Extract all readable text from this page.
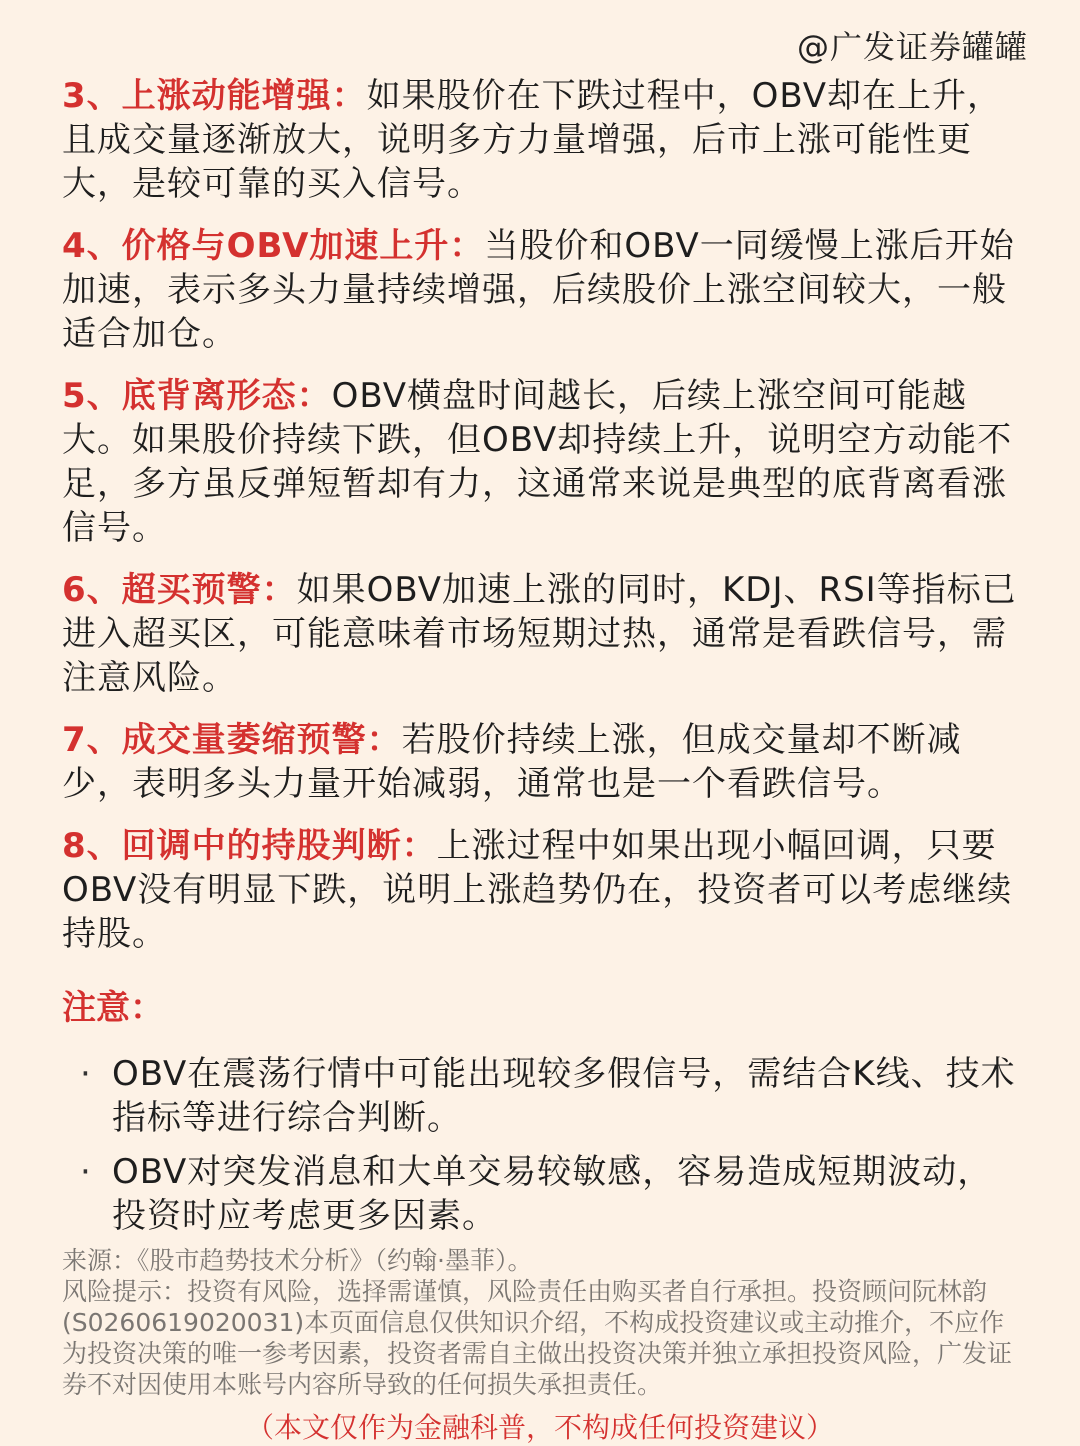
@广发证券罐罐
3、上涨动能增强：如果股价在下跌过程中，OBV却在上升，且成交量逐渐放大，说明多方力量增强，后市上涨可能性更大，是较可靠的买入信号。
4、价格与OBV加速上升：当股价和OBV一同缓慢上涨后开始加速，表示多头力量持续增强，后续股价上涨空间较大，一般适合加仓。
5、底背离形态：OBV横盘时间越长，后续上涨空间可能越大。如果股价持续下跌，但OBV却持续上升，说明空方动能不足，多方虽反弹短暂却有力，这通常来说是典型的底背离看涨信号。
6、超买预警：如果OBV加速上涨的同时，KDJ、RSI等指标已进入超买区，可能意味着市场短期过热，通常是看跌信号，需注意风险。
7、成交量萎缩预警：若股价持续上涨，但成交量却不断减少，表明多头力量开始减弱，通常也是一个看跌信号。
8、回调中的持股判断：上涨过程中如果出现小幅回调，只要OBV没有明显下跌，说明上涨趋势仍在，投资者可以考虑继续持股。
注意：
· OBV在震荡行情中可能出现较多假信号，需结合K线、技术指标等进行综合判断。
· OBV对突发消息和大单交易较敏感，容易造成短期波动，投资时应考虑更多因素。
来源：《股市趋势技术分析》（约翰·墨菲）。
风险提示：投资有风险，选择需谨慎，风险责任由购买者自行承担。投资顾问阮林韵(S0260619020031)本页面信息仅供知识介绍，不构成投资建议或主动推介，不应作为投资决策的唯一参考因素，投资者需自主做出投资决策并独立承担投资风险，广发证券不对因使用本账号内容所导致的任何损失承担责任。
（本文仅作为金融科普，不构成任何投资建议）
